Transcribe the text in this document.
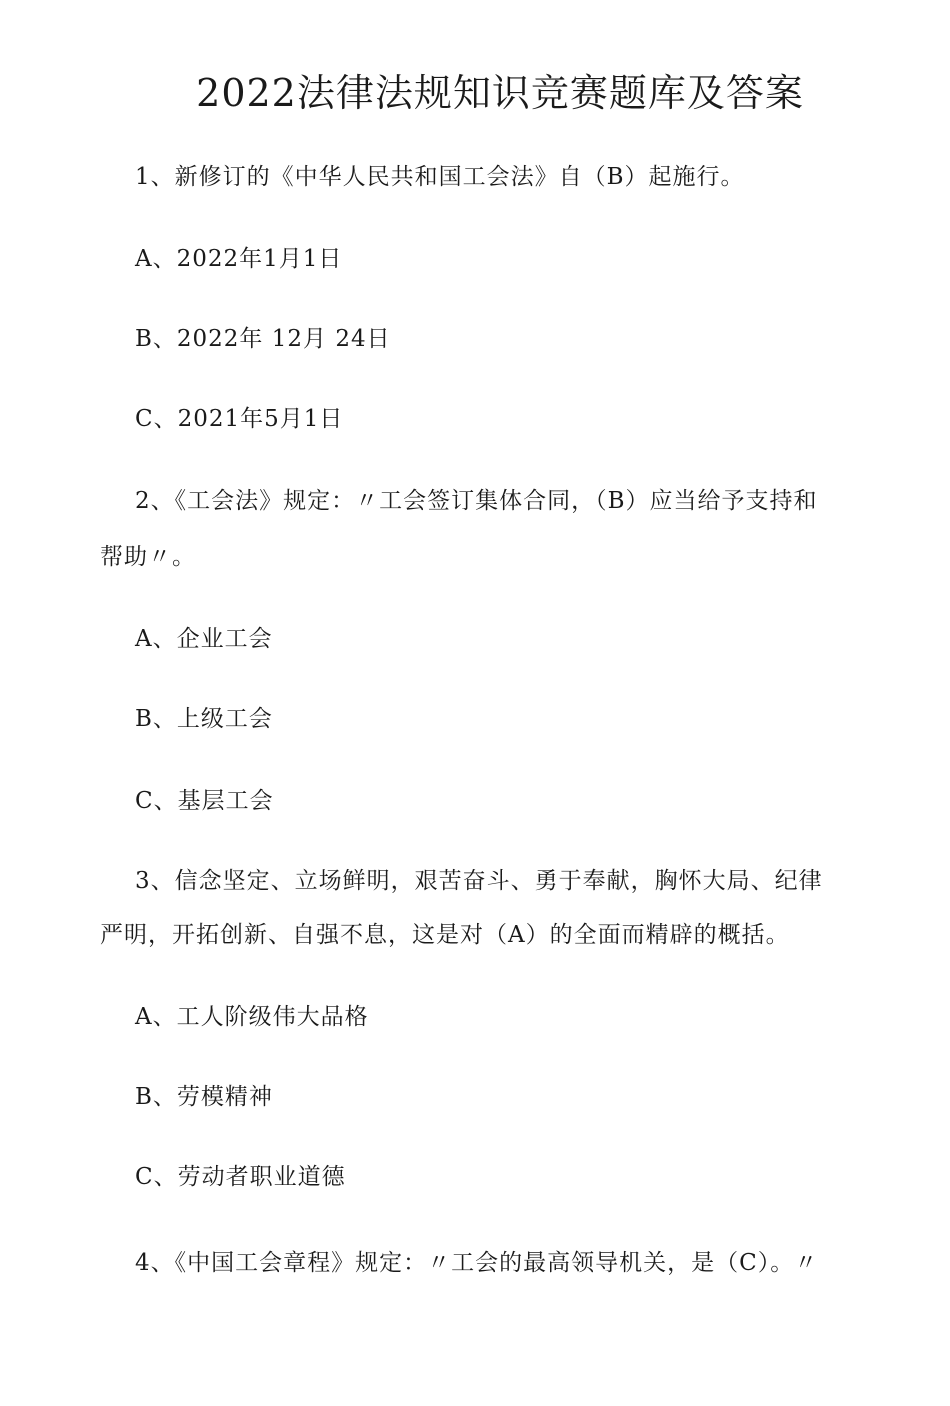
2022法律法规知识竞赛题库及答案
1、新修订的《中华人民共和国工会法》自（B）起施行。
A、2022年1月1日
B、2022年 12月 24日
C、2021年5月1日
2、《工会法》规定：〃工会签订集体合同，（B）应当给予支持和
帮助〃。
A、企业工会
B、上级工会
C、基层工会
3、信念坚定、立场鲜明，艰苦奋斗、勇于奉献，胸怀大局、纪律
严明，开拓创新、自强不息，这是对（A）的全面而精辟的概括。
A、工人阶级伟大品格
B、劳模精神
C、劳动者职业道德
4、《中国工会章程》规定：〃工会的最高领导机关，是（C）。〃
